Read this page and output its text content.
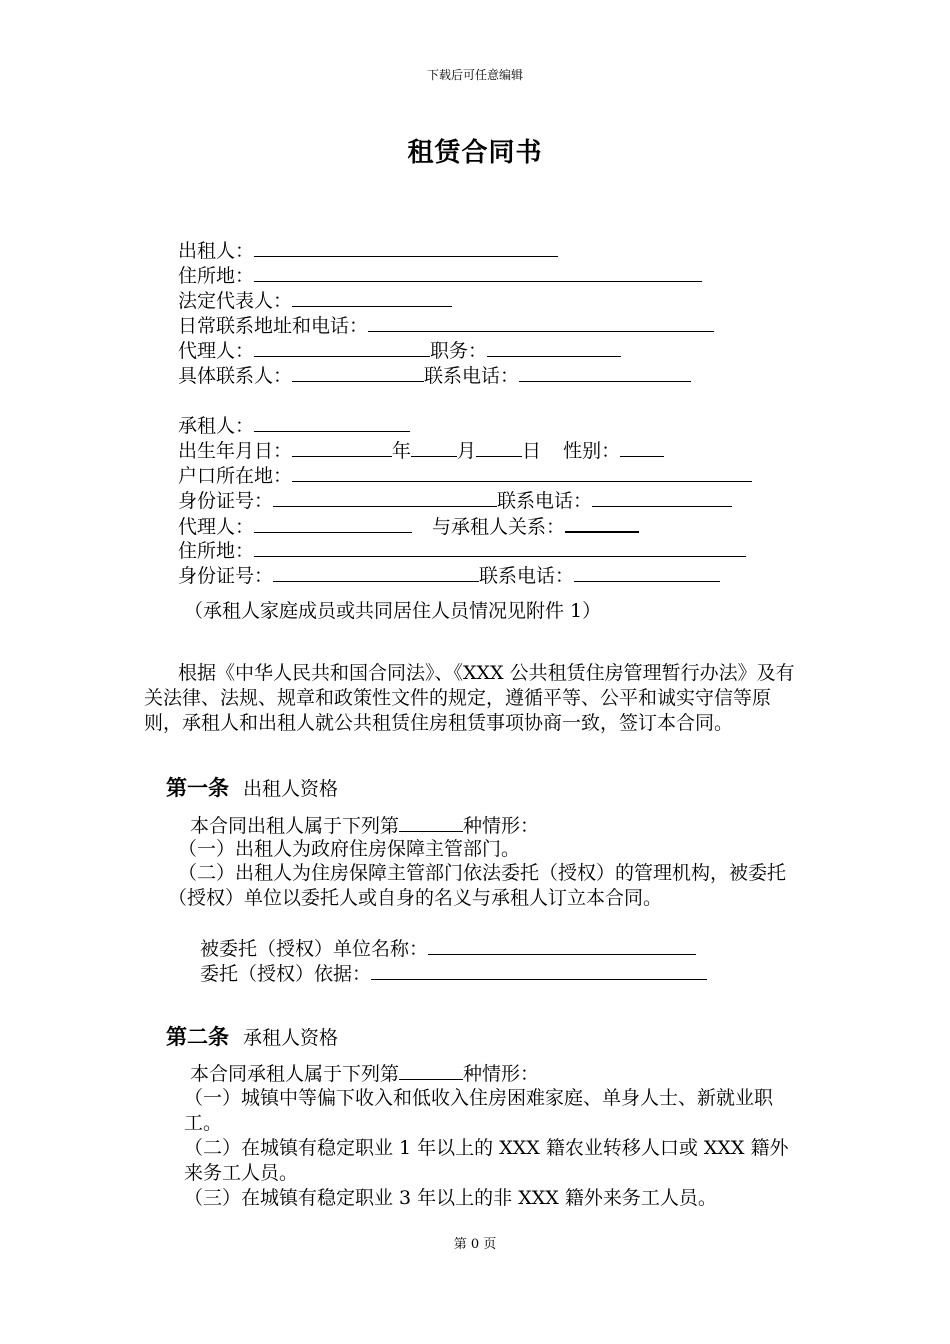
下载后可任意编辑
租赁合同书
出租人：
住所地：
法定代表人：
日常联系地址和电话：
代理人：	职务：
具体联系人：	联系电话：
承租人：
出生年月日：	年 月 日 性别：
户口所在地：
身份证号：	联系电话：
代理人：	与承租人关系：
住所地：
身份证号：	联系电话：
（承租人家庭成员或共同居住人员情况见附件 1）
根据《中华人民共和国合同法》、《XXX 公共租赁住房管理暂行办法》及有关法律、法规、规章和政策性文件的规定，遵循平等、公平和诚实守信等原则，承租人和出租人就公共租赁住房租赁事项协商一致，签订本合同。
第一条 出租人资格
本合同出租人属于下列第	种情形：
（一）出租人为政府住房保障主管部门。
（二）出租人为住房保障主管部门依法委托（授权）的管理机构，被委托（授权）单位以委托人或自身的名义与承租人订立本合同。
被委托（授权）单位名称：
委托（授权）依据：
第二条 承租人资格
本合同承租人属于下列第	种情形：
（一）城镇中等偏下收入和低收入住房困难家庭、单身人士、新就业职工。
（二）在城镇有稳定职业 1 年以上的 XXX 籍农业转移人口或 XXX 籍外来务工人员。
（三）在城镇有稳定职业 3 年以上的非 XXX 籍外来务工人员。
第 0 页
